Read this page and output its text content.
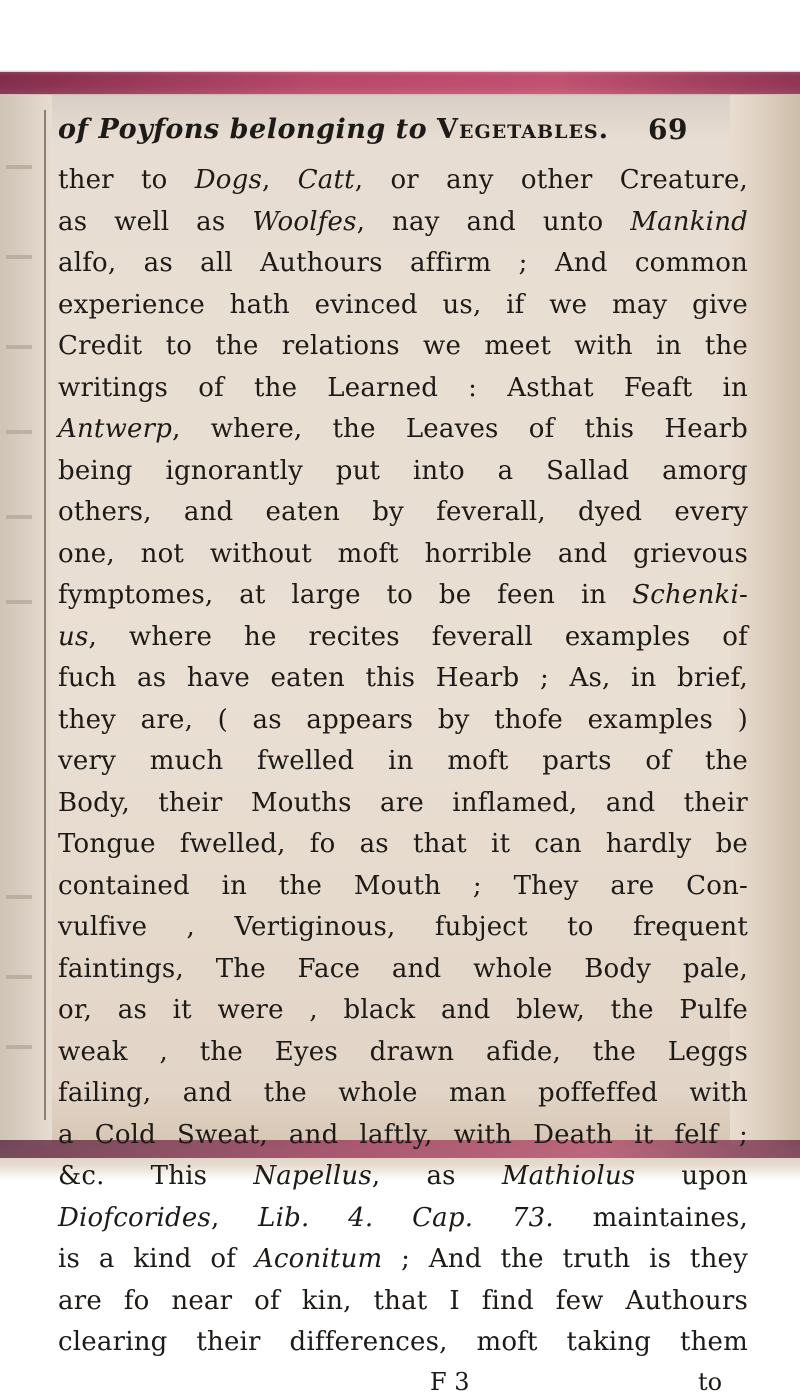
of Poyfons belonging to Vegetables. 69
ther to Dogs, Catt, or any other Creature,
as well as Woolfes, nay and unto Mankind
alfo, as all Authours affirm ; And common
experience hath evinced us, if we may give
Credit to the relations we meet with in the
writings of the Learned : Asthat Feaft in
Antwerp, where, the Leaves of this Hearb
being ignorantly put into a Sallad amorg
others, and eaten by feverall, dyed every
one, not without moft horrible and grievous
fymptomes, at large to be feen in Schenki-
us, where he recites feverall examples of
fuch as have eaten this Hearb ; As, in brief,
they are, ( as appears by thofe examples )
very much fwelled in moft parts of the
Body, their Mouths are inflamed, and their
Tongue fwelled, fo as that it can hardly be
contained in the Mouth ; They are Con-
vulfive , Vertiginous, fubject to frequent
faintings, The Face and whole Body pale,
or, as it were , black and blew, the Pulfe
weak , the Eyes drawn afide, the Leggs
failing, and the whole man poffeffed with
a Cold Sweat, and laftly, with Death it felf ;
&c. This Napellus, as Mathiolus upon
Diofcorides, Lib. 4. Cap. 73. maintaines,
is a kind of Aconitum ; And the truth is they
are fo near of kin, that I find few Authours
clearing their differences, moft taking them
F 3	to
